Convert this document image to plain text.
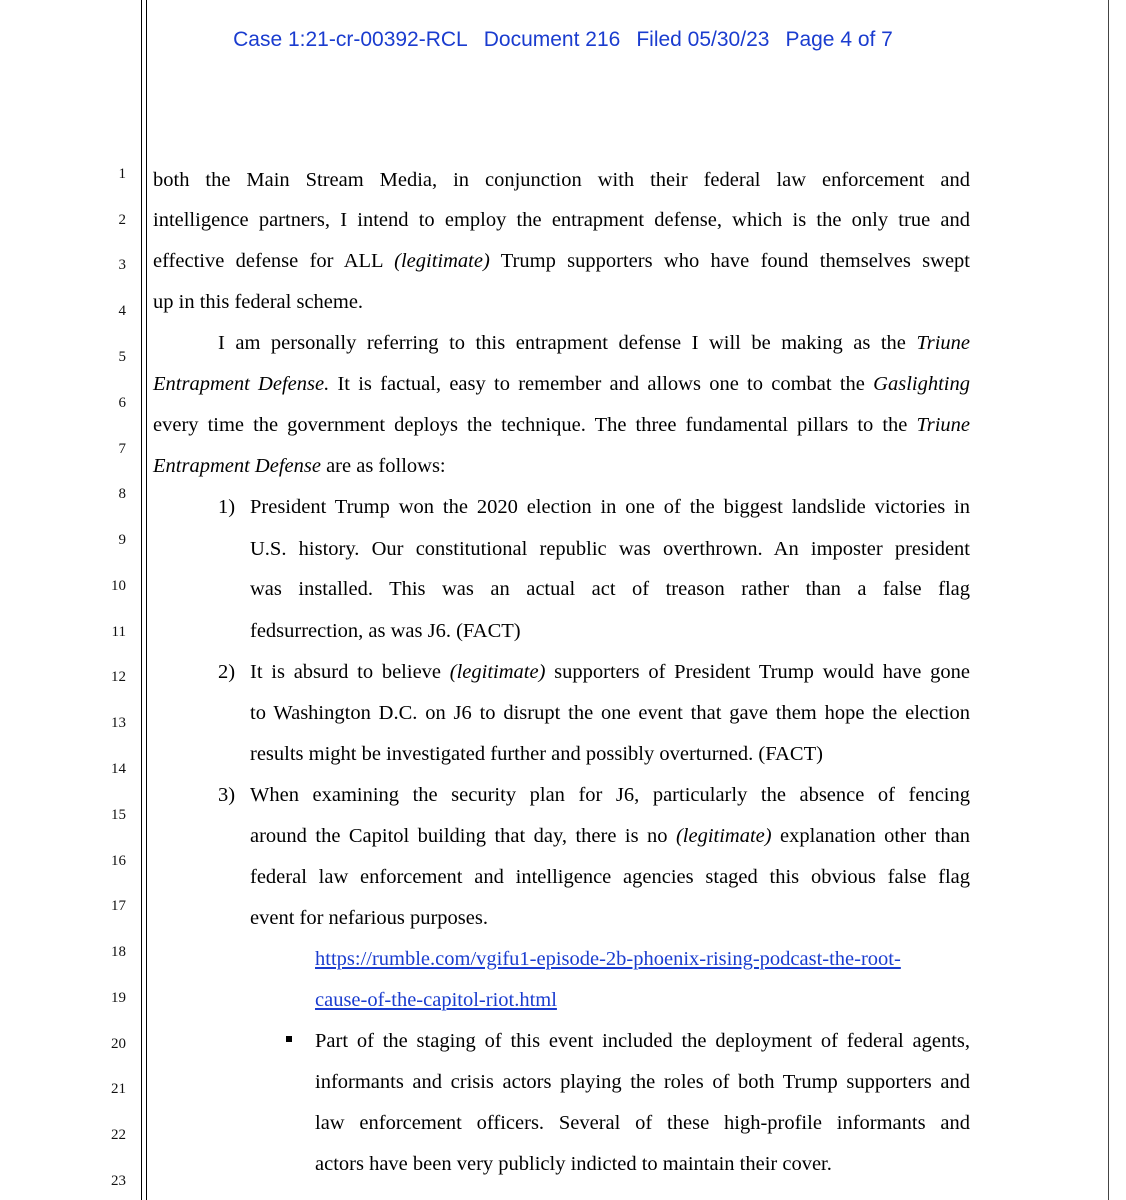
Case 1:21-cr-00392-RCL Document 216 Filed 05/30/23 Page 4 of 7
1
2
3
4
5
6
7
8
9
10
11
12
13
14
15
16
17
18
19
20
21
22
23
both the Main Stream Media, in conjunction with their federal law enforcement and
intelligence partners, I intend to employ the entrapment defense, which is the only true and
effective defense for ALL (legitimate) Trump supporters who have found themselves swept
up in this federal scheme.
I am personally referring to this entrapment defense I will be making as the Triune
Entrapment Defense. It is factual, easy to remember and allows one to combat the Gaslighting
every time the government deploys the technique. The three fundamental pillars to the Triune
Entrapment Defense are as follows:
1) President Trump won the 2020 election in one of the biggest landslide victories in
U.S. history. Our constitutional republic was overthrown. An imposter president
was installed. This was an actual act of treason rather than a false flag
fedsurrection, as was J6. (FACT)
2) It is absurd to believe (legitimate) supporters of President Trump would have gone
to Washington D.C. on J6 to disrupt the one event that gave them hope the election
results might be investigated further and possibly overturned. (FACT)
3) When examining the security plan for J6, particularly the absence of fencing
around the Capitol building that day, there is no (legitimate) explanation other than
federal law enforcement and intelligence agencies staged this obvious false flag
event for nefarious purposes.
https://rumble.com/vgifu1-episode-2b-phoenix-rising-podcast-the-root-
cause-of-the-capitol-riot.html
Part of the staging of this event included the deployment of federal agents,
informants and crisis actors playing the roles of both Trump supporters and
law enforcement officers. Several of these high-profile informants and
actors have been very publicly indicted to maintain their cover.
